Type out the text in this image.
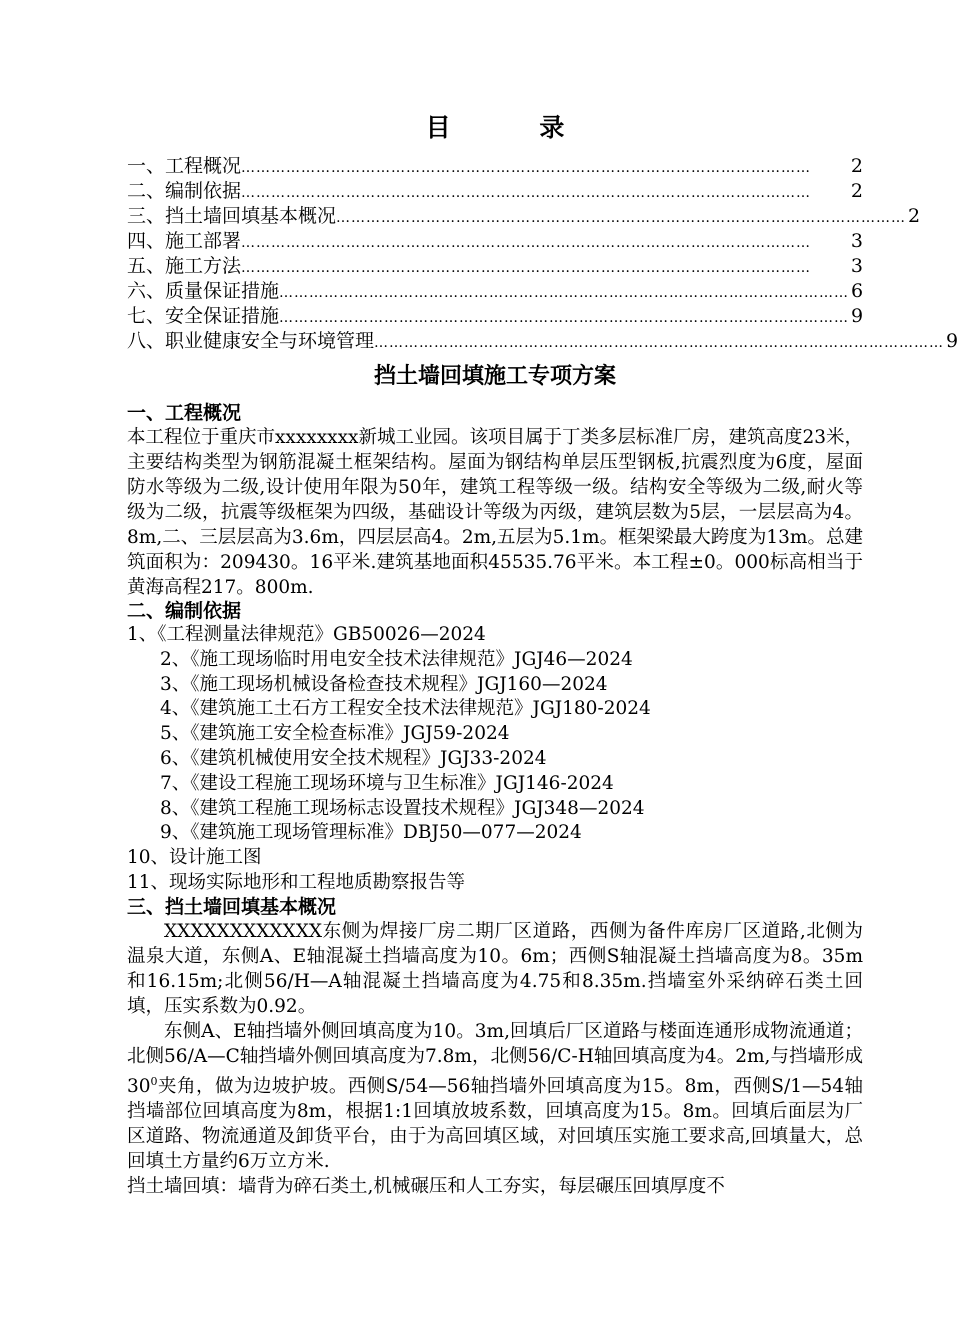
目 录
一、工程概况 ……………………………………………………………………………………………………	2
二、编制依据 ……………………………………………………………………………………………………	2
三、挡土墙回填基本概况 …………………………………………………………………………………………………… 2
四、施工部署 ……………………………………………………………………………………………………	3
五、施工方法 ……………………………………………………………………………………………………	3
六、质量保证措施 …………………………………………………………………………………………………… 6
七、安全保证措施 …………………………………………………………………………………………………… 9
八、职业健康安全与环境管理 …………………………………………………………………………………………………… 9
挡土墙回填施工专项方案
一、工程概况

本工程位于重庆市xxxxxxxx新城工业园。该项目属于丁类多层标准厂房，建筑高度23米，主要结构类型为钢筋混凝土框架结构。屋面为钢结构单层压型钢板,抗震烈度为6度，屋面防水等级为二级,设计使用年限为50年，建筑工程等级一级。结构安全等级为二级,耐火等级为二级，抗震等级框架为四级，基础设计等级为丙级，建筑层数为5层，一层层高为4。8m,二、三层层高为3.6m，四层层高4。2m,五层为5.1m。框架梁最大跨度为13m。总建筑面积为：209430。16平米.建筑基地面积45535.76平米。本工程±0。000标高相当于黄海高程217。800m.

二、编制依据
1、《工程测量法律规范》GB50026—2024
2、《施工现场临时用电安全技术法律规范》JGJ46—2024
3、《施工现场机械设备检查技术规程》JGJ160—2024
4、《建筑施工土石方工程安全技术法律规范》JGJ180-2024
5、《建筑施工安全检查标准》JGJ59-2024
6、《建筑机械使用安全技术规程》JGJ33-2024
7、《建设工程施工现场环境与卫生标准》JGJ146-2024
8、《建筑工程施工现场标志设置技术规程》JGJ348—2024
9、《建筑施工现场管理标准》DBJ50—077—2024
10、设计施工图
11、现场实际地形和工程地质勘察报告等
三、挡土墙回填基本概况

XXXXXXXXXXXX东侧为焊接厂房二期厂区道路，西侧为备件库房厂区道路,北侧为温泉大道，东侧A、E轴混凝土挡墙高度为10。6m；西侧S轴混凝土挡墙高度为8。35m和16.15m;北侧56/H—A轴混凝土挡墙高度为4.75和8.35m.挡墙室外采纳碎石类土回填，压实系数为0.92。

东侧A、E轴挡墙外侧回填高度为10。3m,回填后厂区道路与楼面连通形成物流通道；北侧56/A—C轴挡墙外侧回填高度为7.8m，北侧56/C-H轴回填高度为4。2m,与挡墙形成$30^0$夹角，做为边坡护坡。西侧S/54—56轴挡墙外回填高度为15。8m，西侧S/1—54轴挡墙部位回填高度为8m，根据1:1回填放坡系数，回填高度为15。8m。回填后面层为厂区道路、物流通道及卸货平台，由于为高回填区域，对回填压实施工要求高,回填量大，总回填土方量约6万立方米.

挡土墙回填：墙背为碎石类土,机械碾压和人工夯实，每层碾压回填厚度不
